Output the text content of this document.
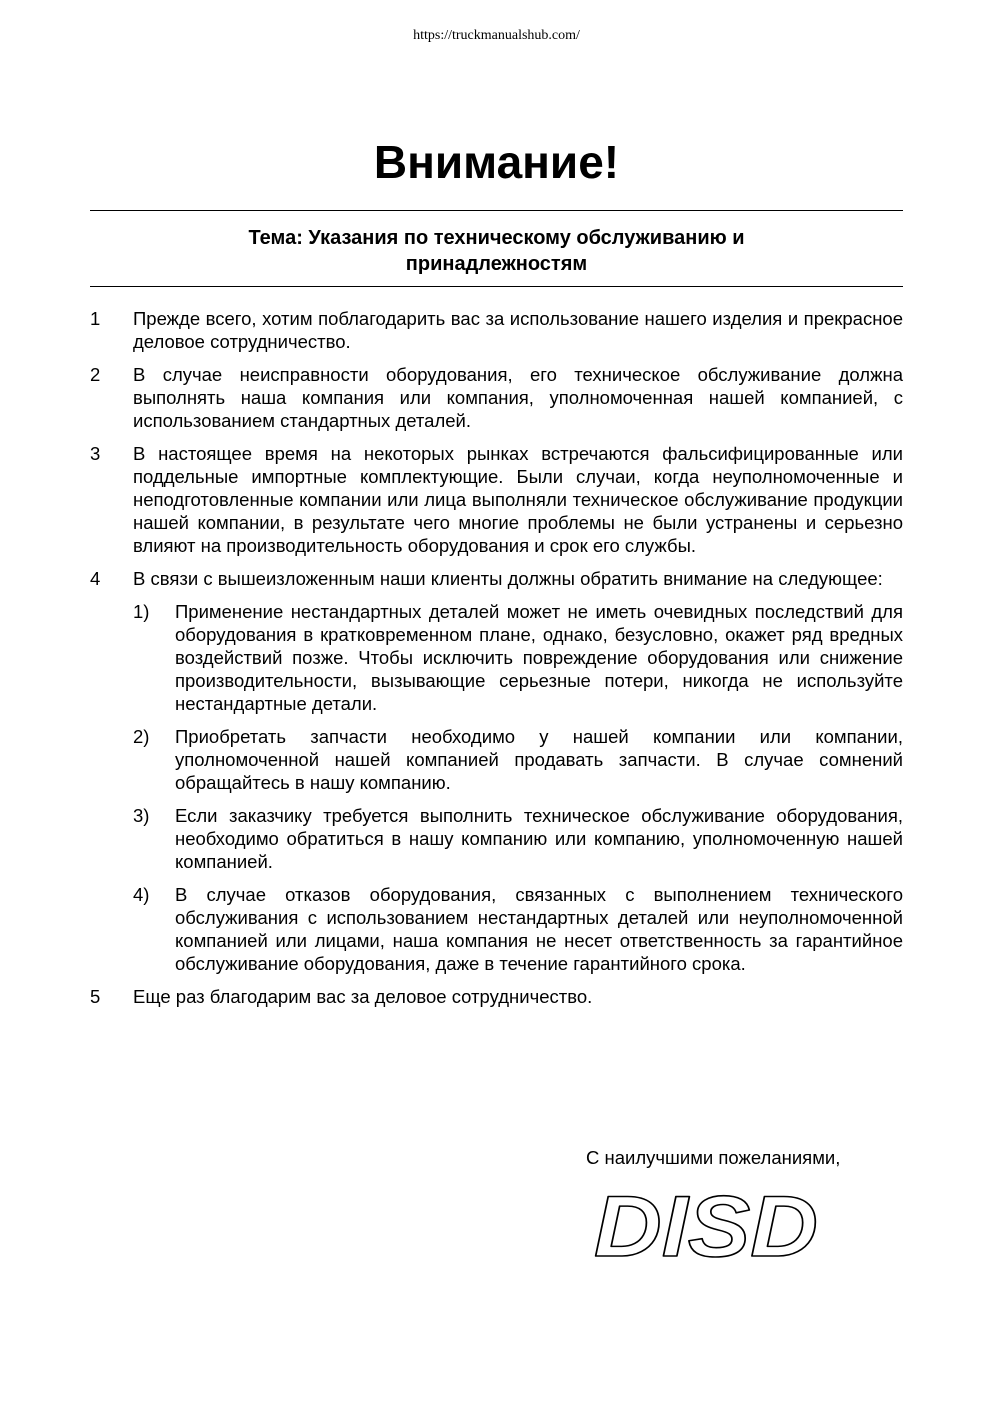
https://truckmanualshub.com/
Внимание!
Тема: Указания по техническому обслуживанию и
принадлежностям
1 Прежде всего, хотим поблагодарить вас за использование нашего изделия и прекрасное деловое сотрудничество.
2 В случае неисправности оборудования, его техническое обслуживание должна выполнять наша компания или компания, уполномоченная нашей компанией, с использованием стандартных деталей.
3 В настоящее время на некоторых рынках встречаются фальсифицированные или поддельные импортные комплектующие. Были случаи, когда неуполномоченные и неподготовленные компании или лица выполняли техническое обслуживание продукции нашей компании, в результате чего многие проблемы не были устранены и серьезно влияют на производительность оборудования и срок его службы.
4 В связи с вышеизложенным наши клиенты должны обратить внимание на следующее:
1) Применение нестандартных деталей может не иметь очевидных последствий для оборудования в кратковременном плане, однако, безусловно, окажет ряд вредных воздействий позже. Чтобы исключить повреждение оборудования или снижение производительности, вызывающие серьезные потери, никогда не используйте нестандартные детали.
2) Приобретать запчасти необходимо у нашей компании или компании, уполномоченной нашей компанией продавать запчасти. В случае сомнений обращайтесь в нашу компанию.
3) Если заказчику требуется выполнить техническое обслуживание оборудования, необходимо обратиться в нашу компанию или компанию, уполномоченную нашей компанией.
4) В случае отказов оборудования, связанных с выполнением технического обслуживания с использованием нестандартных деталей или неуполномоченной компанией или лицами, наша компания не несет ответственность за гарантийное обслуживание оборудования, даже в течение гарантийного срока.
5 Еще раз благодарим вас за деловое сотрудничество.
С наилучшими пожеланиями,
DISD
